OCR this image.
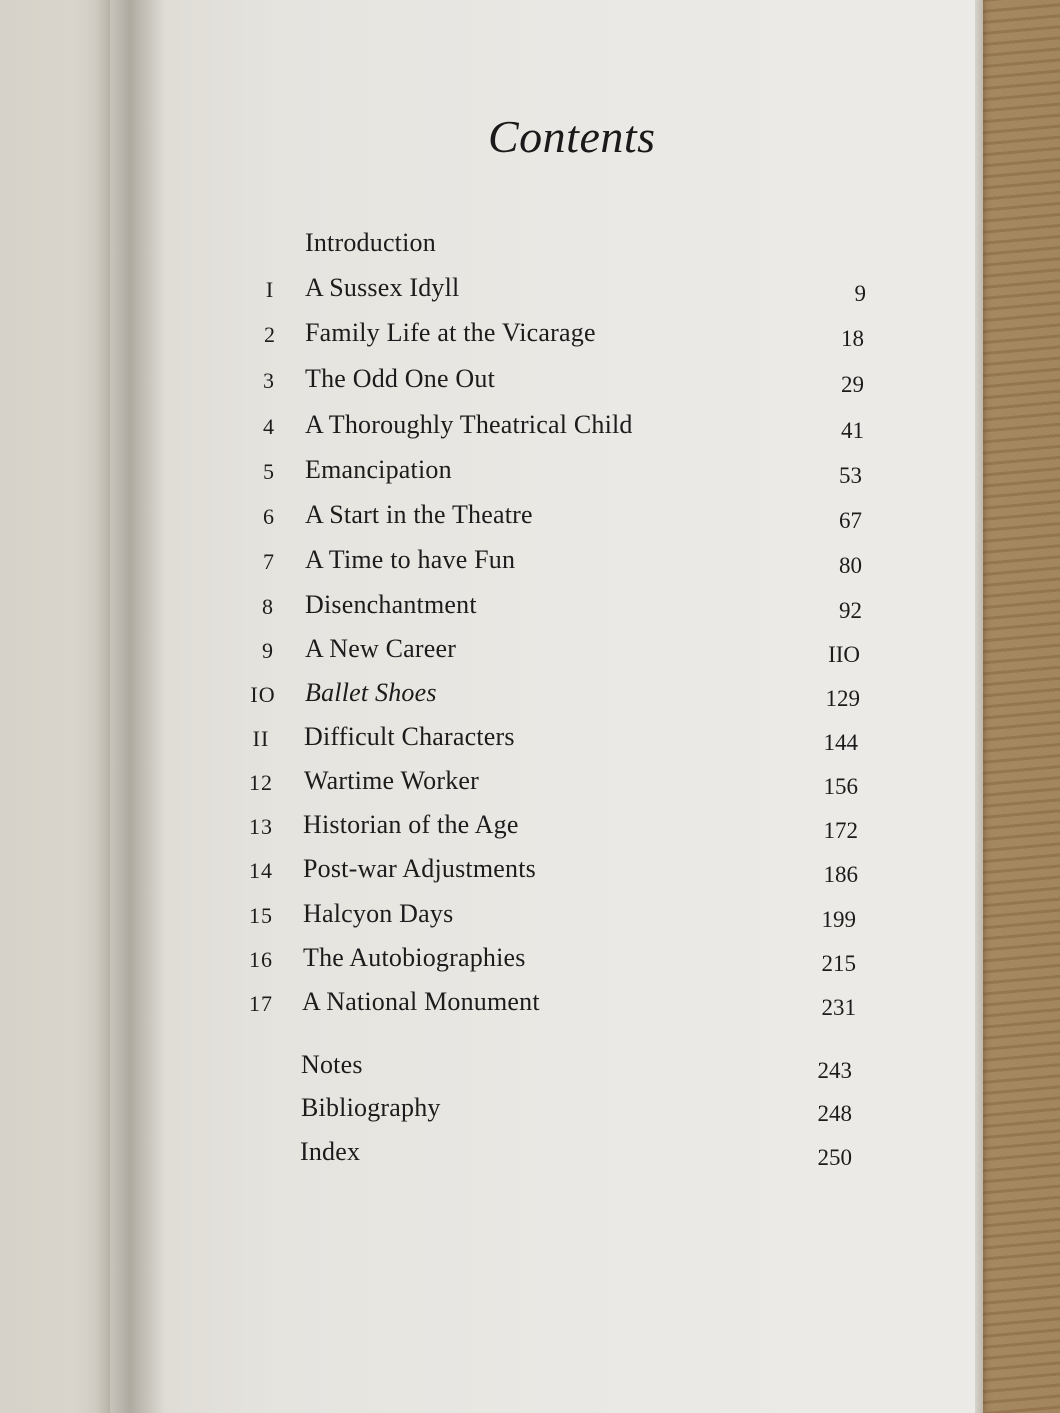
Contents
Introduction
I	A Sussex Idyll	9
2	Family Life at the Vicarage	18
3	The Odd One Out	29
4	A Thoroughly Theatrical Child	41
5	Emancipation	53
6	A Start in the Theatre	67
7	A Time to have Fun	80
8	Disenchantment	92
9	A New Career	IIO
IO Ballet Shoes	129
II	Difficult Characters	144
12	Wartime Worker	156
13	Historian of the Age	172
14	Post-war Adjustments	186
15	Halcyon Days	199
16	The Autobiographies	215
17	A National Monument	231
Notes	243
Bibliography	248
Index	250
